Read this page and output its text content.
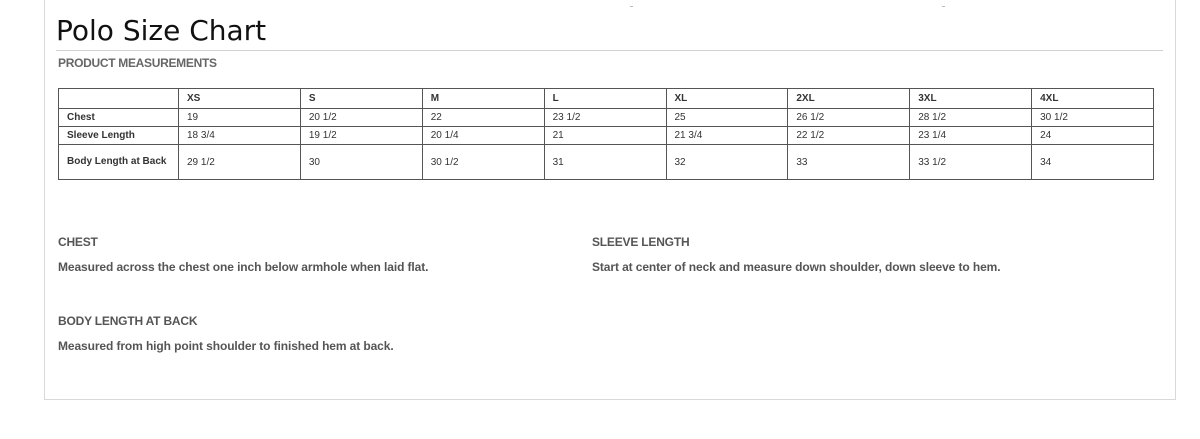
Polo Size Chart
PRODUCT MEASUREMENTS
	XS	S	M	L	XL	2XL	3XL	4XL
Chest	19	20 1/2	22	23 1/2	25	26 1/2	28 1/2	30 1/2
Sleeve Length	18 3/4	19 1/2	20 1/4	21	21 3/4	22 1/2	23 1/4	24
Body Length at Back	29 1/2	30	30 1/2	31	32	33	33 1/2	34
CHEST

Measured across the chest one inch below armhole when laid flat.

SLEEVE LENGTH

Start at center of neck and measure down shoulder, down sleeve to hem.

BODY LENGTH AT BACK

Measured from high point shoulder to finished hem at back.
